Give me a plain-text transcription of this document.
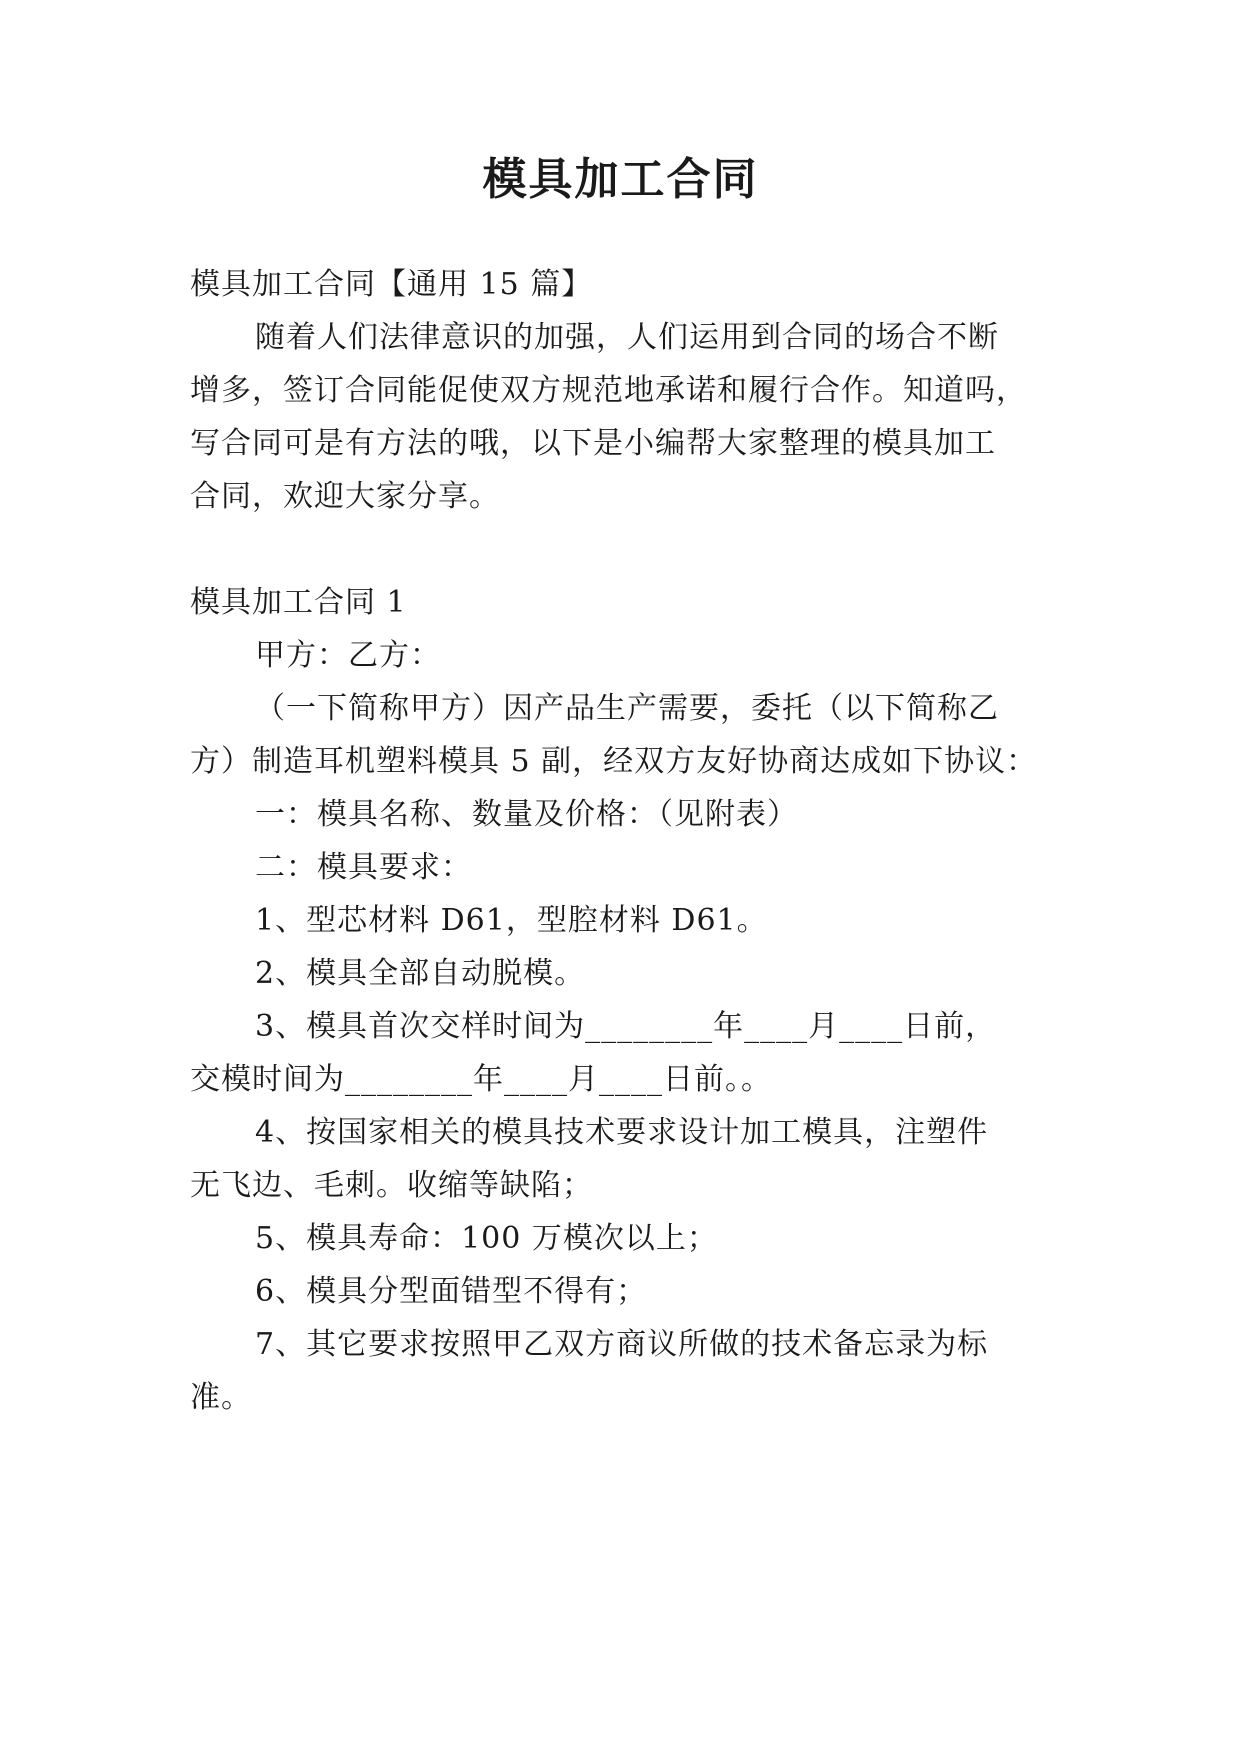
模具加工合同
模具加工合同【通用 15 篇】
随着人们法律意识的加强，人们运用到合同的场合不断
增多，签订合同能促使双方规范地承诺和履行合作。知道吗，
写合同可是有方法的哦，以下是小编帮大家整理的模具加工
合同，欢迎大家分享。
模具加工合同 1
甲方：乙方：
（一下简称甲方）因产品生产需要，委托（以下简称乙
方）制造耳机塑料模具 5 副，经双方友好协商达成如下协议：
一：模具名称、数量及价格：（见附表）
二：模具要求：
1、型芯材料 D61，型腔材料 D61。
2、模具全部自动脱模。
3、模具首次交样时间为________年____月____日前，
交模时间为________年____月____日前。。
4、按国家相关的模具技术要求设计加工模具，注塑件
无飞边、毛刺。收缩等缺陷；
5、模具寿命：100 万模次以上；
6、模具分型面错型不得有；
7、其它要求按照甲乙双方商议所做的技术备忘录为标
准。
